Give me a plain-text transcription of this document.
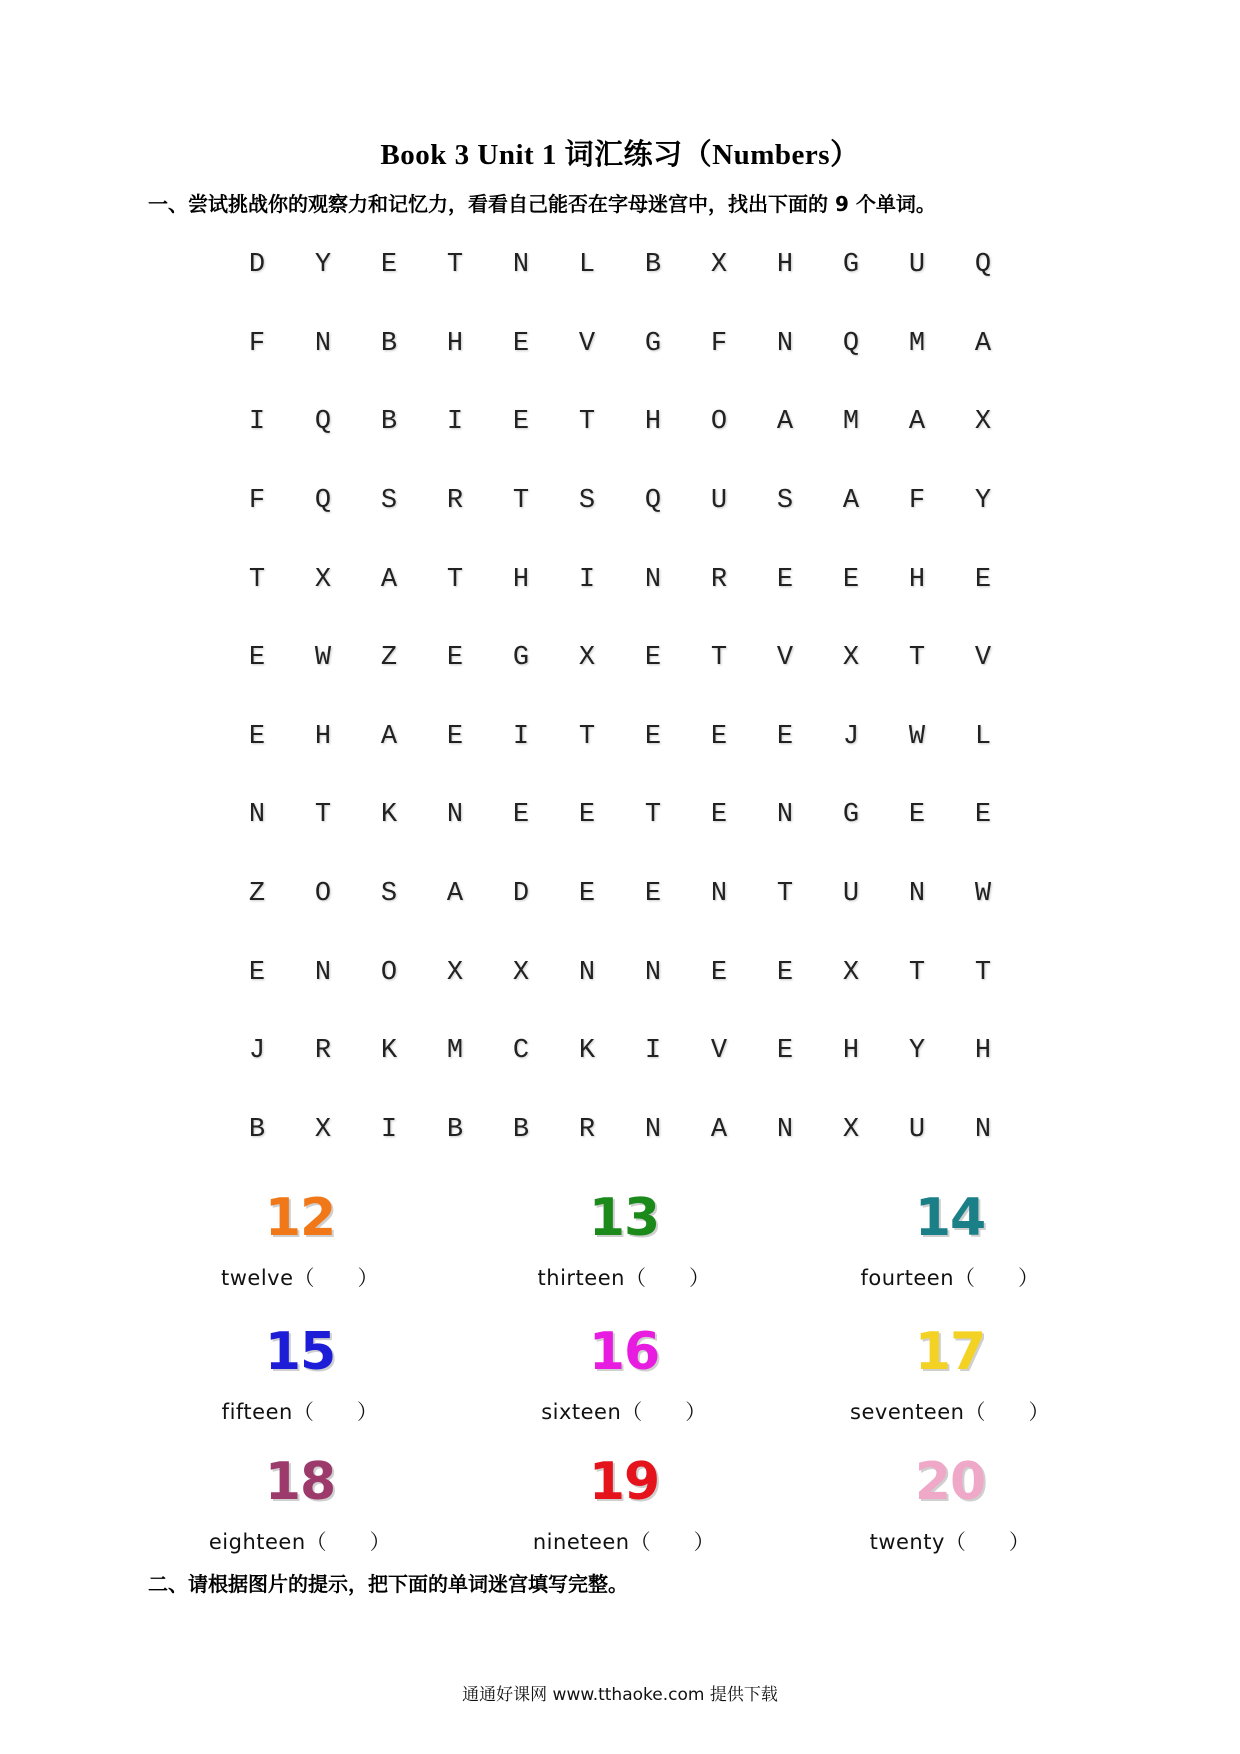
Book 3 Unit 1 词汇练习（Numbers）
一、尝试挑战你的观察力和记忆力，看看自己能否在字母迷宫中，找出下面的 9 个单词。
D	Y	E	T	N	L	B	X	H	G	U	Q
F	N	B	H	E	V	G	F	N	Q	M	A
I	Q	B	I	E	T	H	O	A	M	A	X
F	Q	S	R	T	S	Q	U	S	A	F	Y
T	X	A	T	H	I	N	R	E	E	H	E
E	W	Z	E	G	X	E	T	V	X	T	V
E	H	A	E	I	T	E	E	E	J	W	L
N	T	K	N	E	E	T	E	N	G	E	E
Z	O	S	A	D	E	E	N	T	U	N	W
E	N	O	X	X	N	N	E	E	X	T	T
J	R	K	M	C	K	I	V	E	H	Y	H
B	X	I	B	B	R	N	A	N	X	U	N
12
twelve（ ）
13
thirteen（ ）
14
fourteen（ ）
15
fifteen（ ）
16
sixteen（ ）
17
seventeen（ ）
18
eighteen（ ）
19
nineteen（ ）
20
twenty（ ）
二、请根据图片的提示，把下面的单词迷宫填写完整。
通通好课网 www.tthaoke.com 提供下载
